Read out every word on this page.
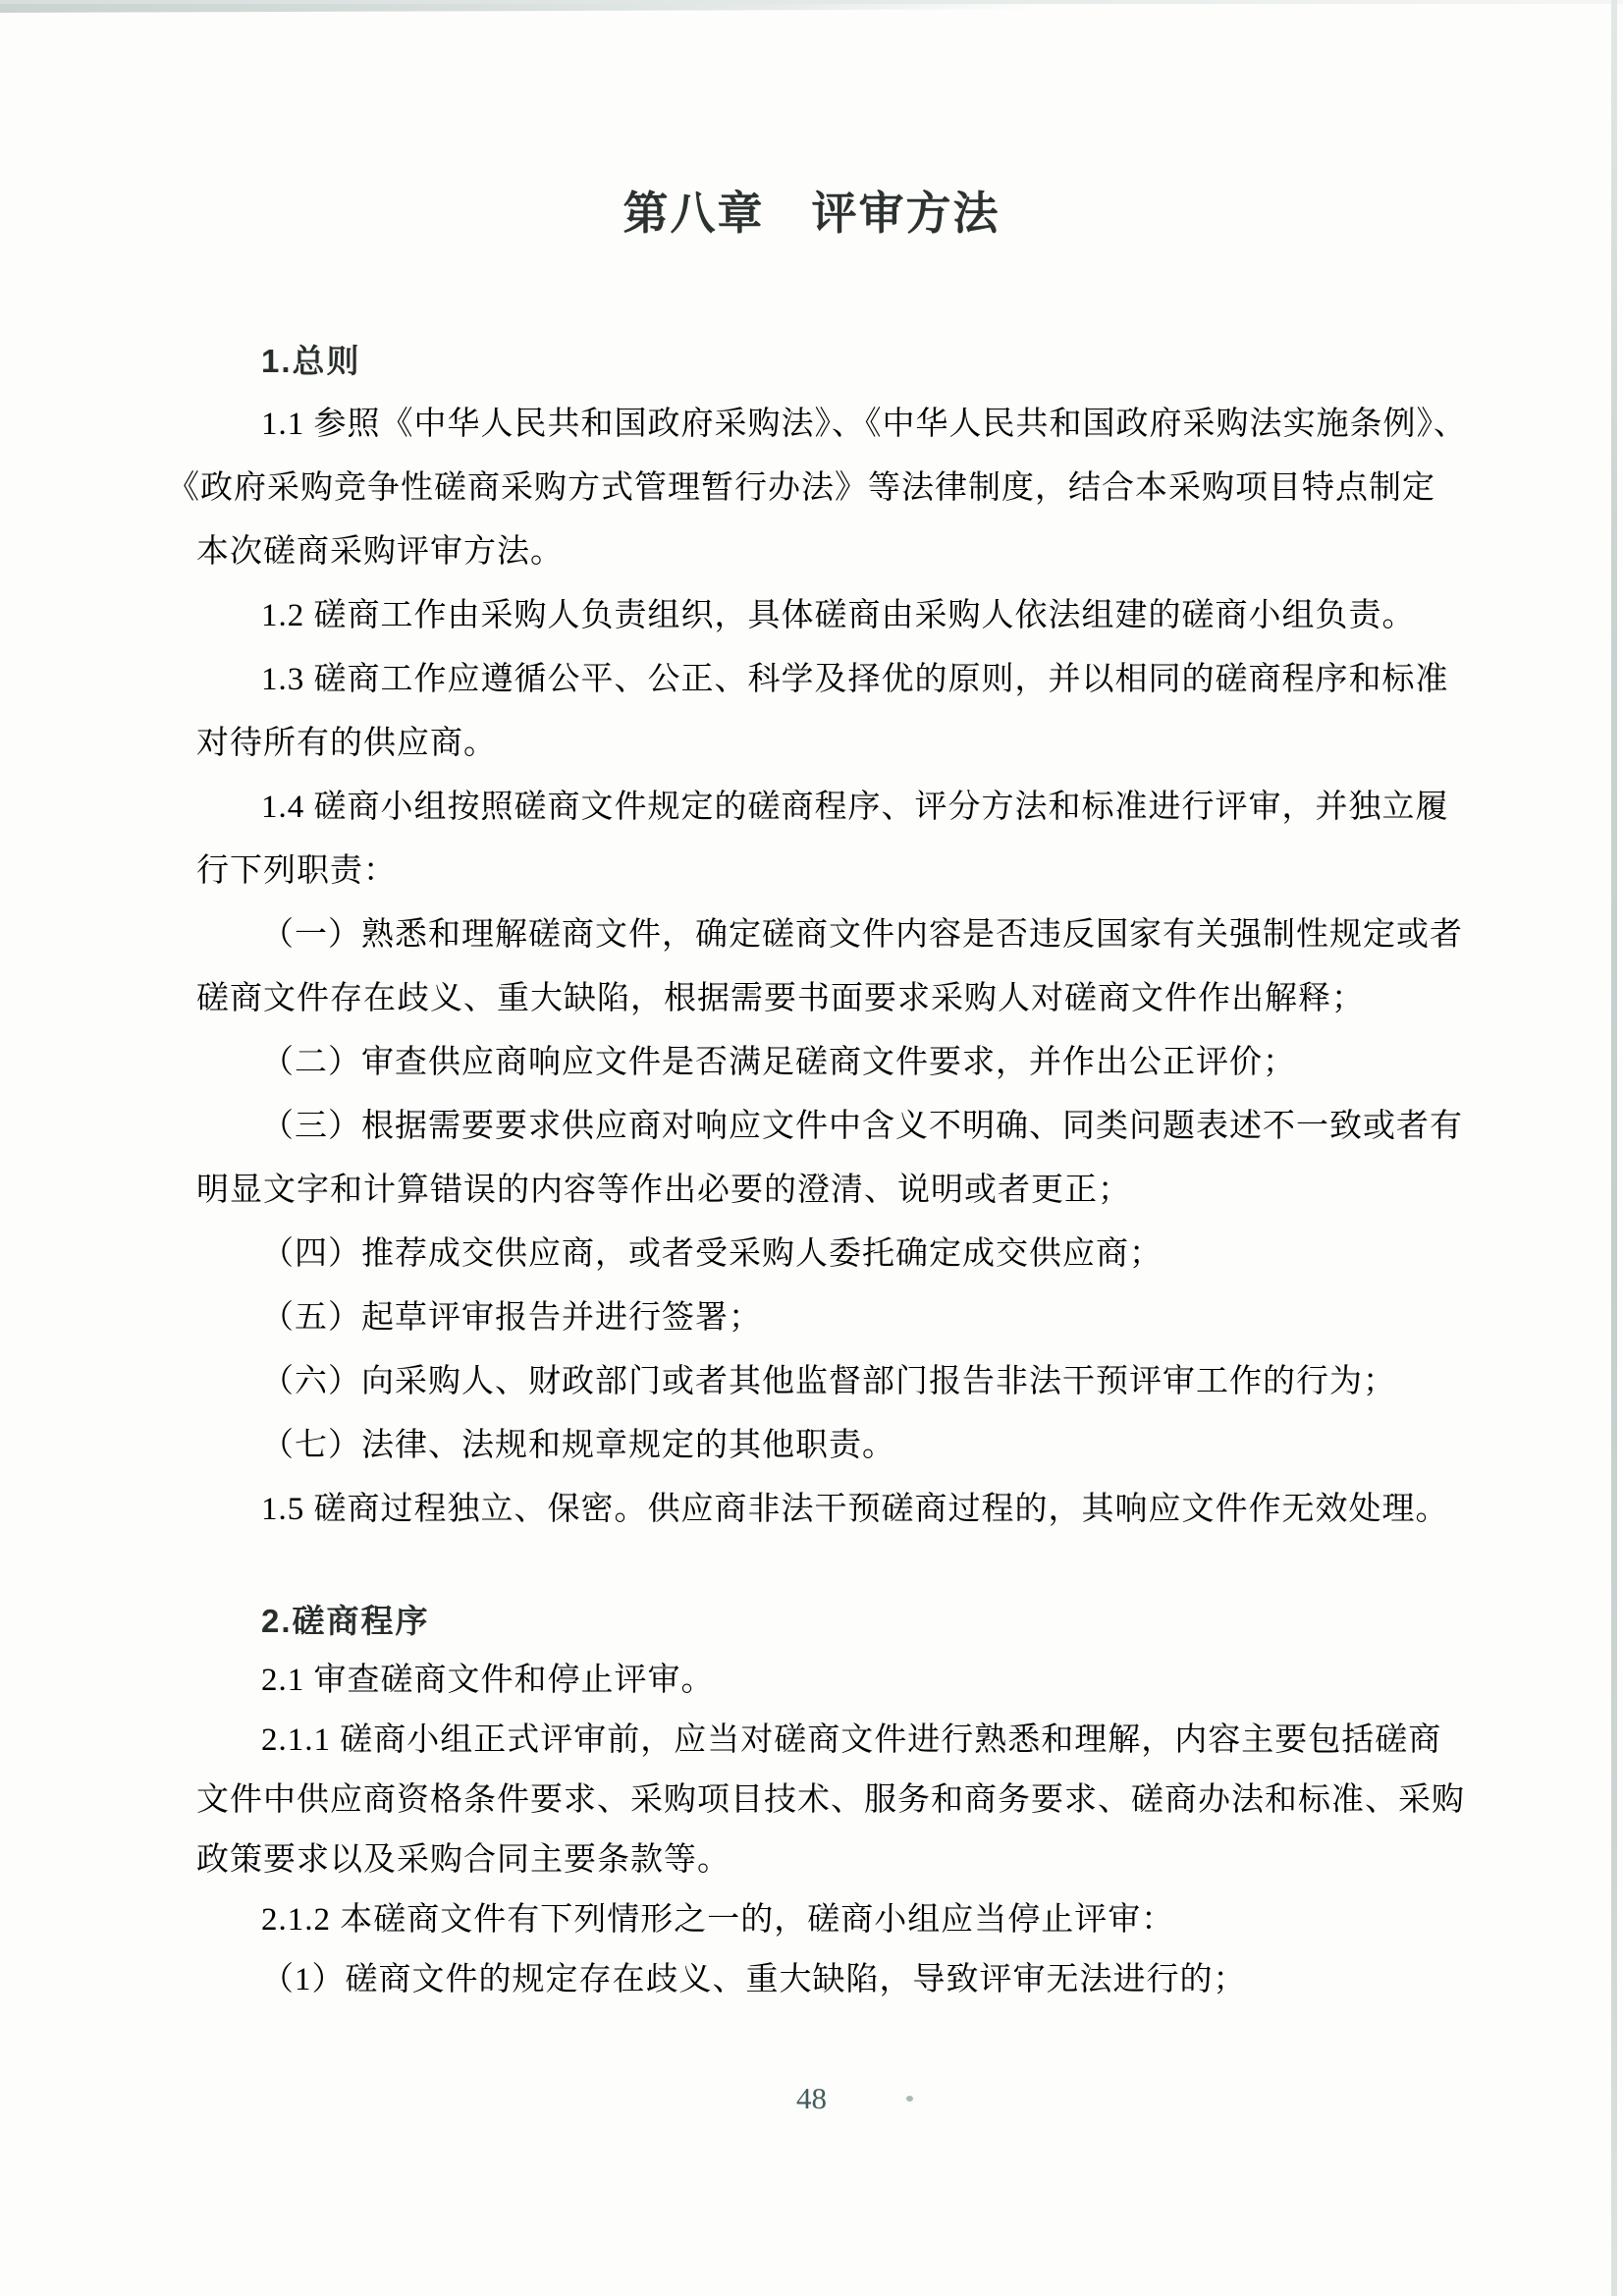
第八章　评审方法
1.总则
1.1 参照《中华人民共和国政府采购法》、《中华人民共和国政府采购法实施条例》、
《政府采购竞争性磋商采购方式管理暂行办法》等法律制度，结合本采购项目特点制定
本次磋商采购评审方法。
1.2 磋商工作由采购人负责组织，具体磋商由采购人依法组建的磋商小组负责。
1.3 磋商工作应遵循公平、公正、科学及择优的原则，并以相同的磋商程序和标准
对待所有的供应商。
1.4 磋商小组按照磋商文件规定的磋商程序、评分方法和标准进行评审，并独立履
行下列职责：
（一）熟悉和理解磋商文件，确定磋商文件内容是否违反国家有关强制性规定或者
磋商文件存在歧义、重大缺陷，根据需要书面要求采购人对磋商文件作出解释；
（二）审查供应商响应文件是否满足磋商文件要求，并作出公正评价；
（三）根据需要要求供应商对响应文件中含义不明确、同类问题表述不一致或者有
明显文字和计算错误的内容等作出必要的澄清、说明或者更正；
（四）推荐成交供应商，或者受采购人委托确定成交供应商；
（五）起草评审报告并进行签署；
（六）向采购人、财政部门或者其他监督部门报告非法干预评审工作的行为；
（七）法律、法规和规章规定的其他职责。
1.5 磋商过程独立、保密。供应商非法干预磋商过程的，其响应文件作无效处理。
2.磋商程序
2.1 审查磋商文件和停止评审。
2.1.1 磋商小组正式评审前，应当对磋商文件进行熟悉和理解，内容主要包括磋商
文件中供应商资格条件要求、采购项目技术、服务和商务要求、磋商办法和标准、采购
政策要求以及采购合同主要条款等。
2.1.2 本磋商文件有下列情形之一的，磋商小组应当停止评审：
（1）磋商文件的规定存在歧义、重大缺陷，导致评审无法进行的；
48
